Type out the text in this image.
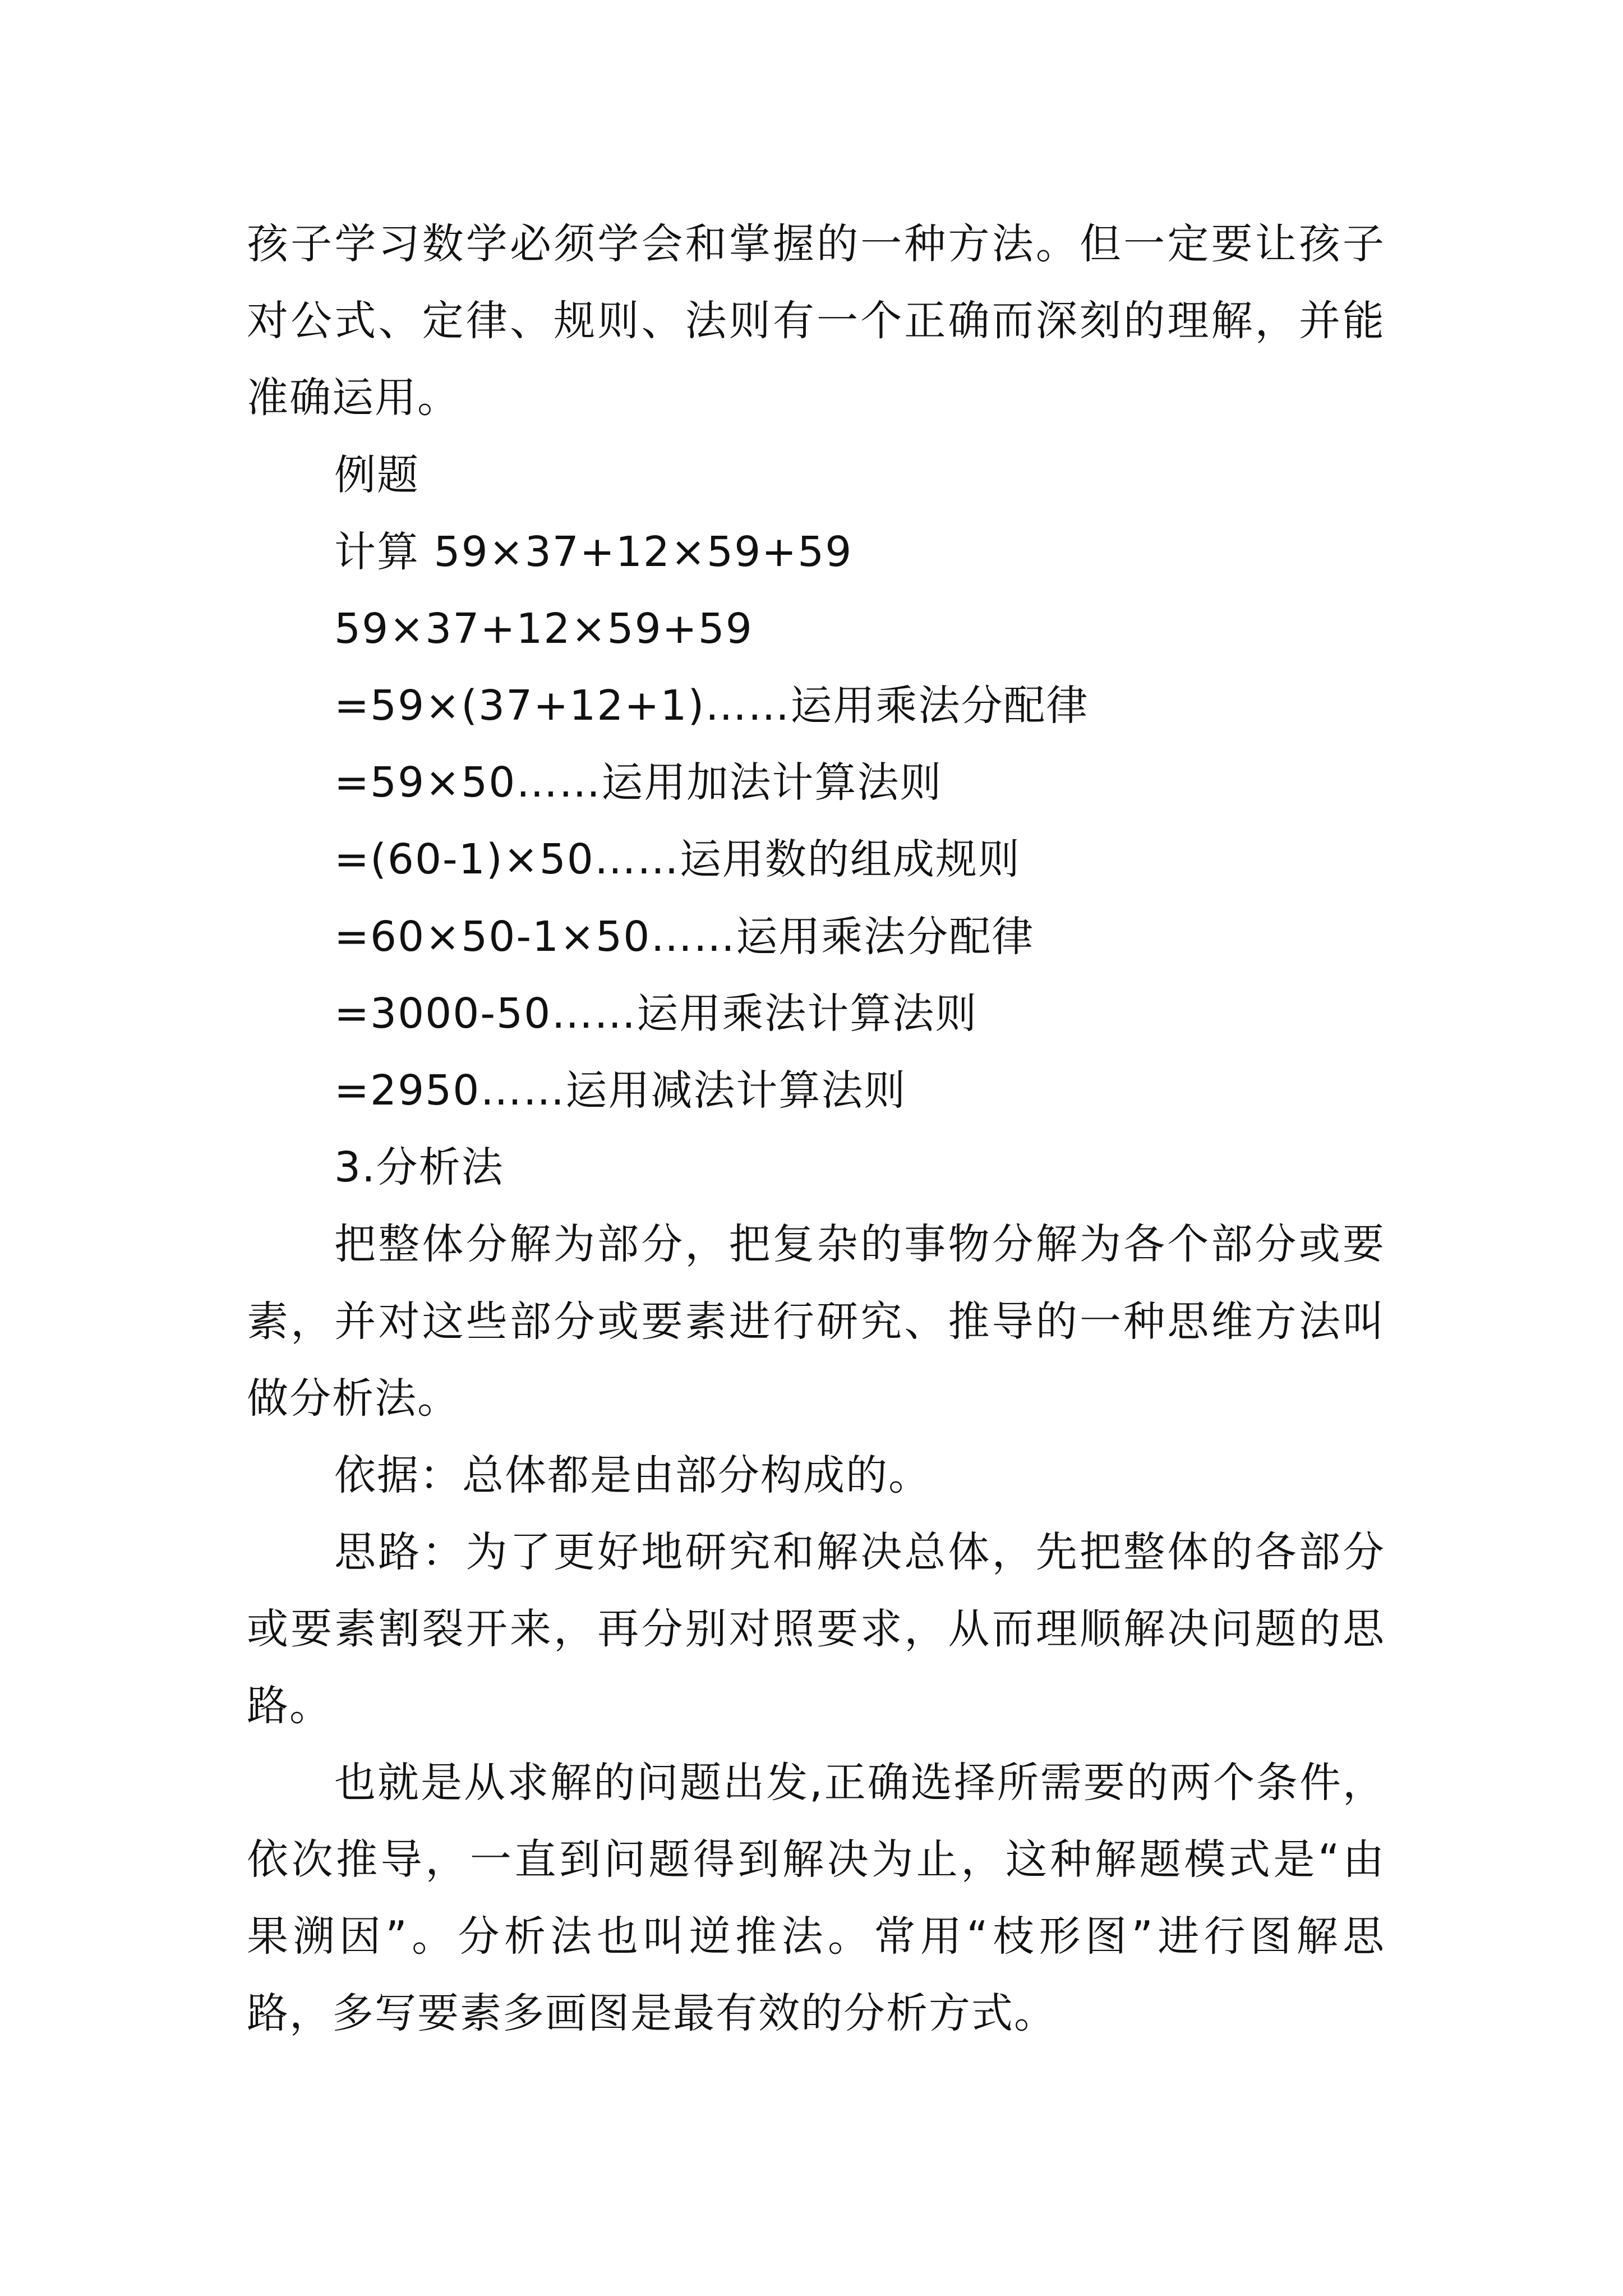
孩子学习数学必须学会和掌握的一种方法。但一定要让孩子
对公式、定律、规则、法则有一个正确而深刻的理解，并能
准确运用。
例题
计算 59×37+12×59+59
59×37+12×59+59
=59×(37+12+1)……运用乘法分配律
=59×50……运用加法计算法则
=(60-1)×50……运用数的组成规则
=60×50-1×50……运用乘法分配律
=3000-50……运用乘法计算法则
=2950……运用减法计算法则
3.分析法
把整体分解为部分，把复杂的事物分解为各个部分或要
素，并对这些部分或要素进行研究、推导的一种思维方法叫
做分析法。
依据：总体都是由部分构成的。
思路：为了更好地研究和解决总体，先把整体的各部分
或要素割裂开来，再分别对照要求，从而理顺解决问题的思
路。
也就是从求解的问题出发,正确选择所需要的两个条件，
依次推导，一直到问题得到解决为止，这种解题模式是“由
果溯因”。分析法也叫逆推法。常用“枝形图”进行图解思
路，多写要素多画图是最有效的分析方式。
